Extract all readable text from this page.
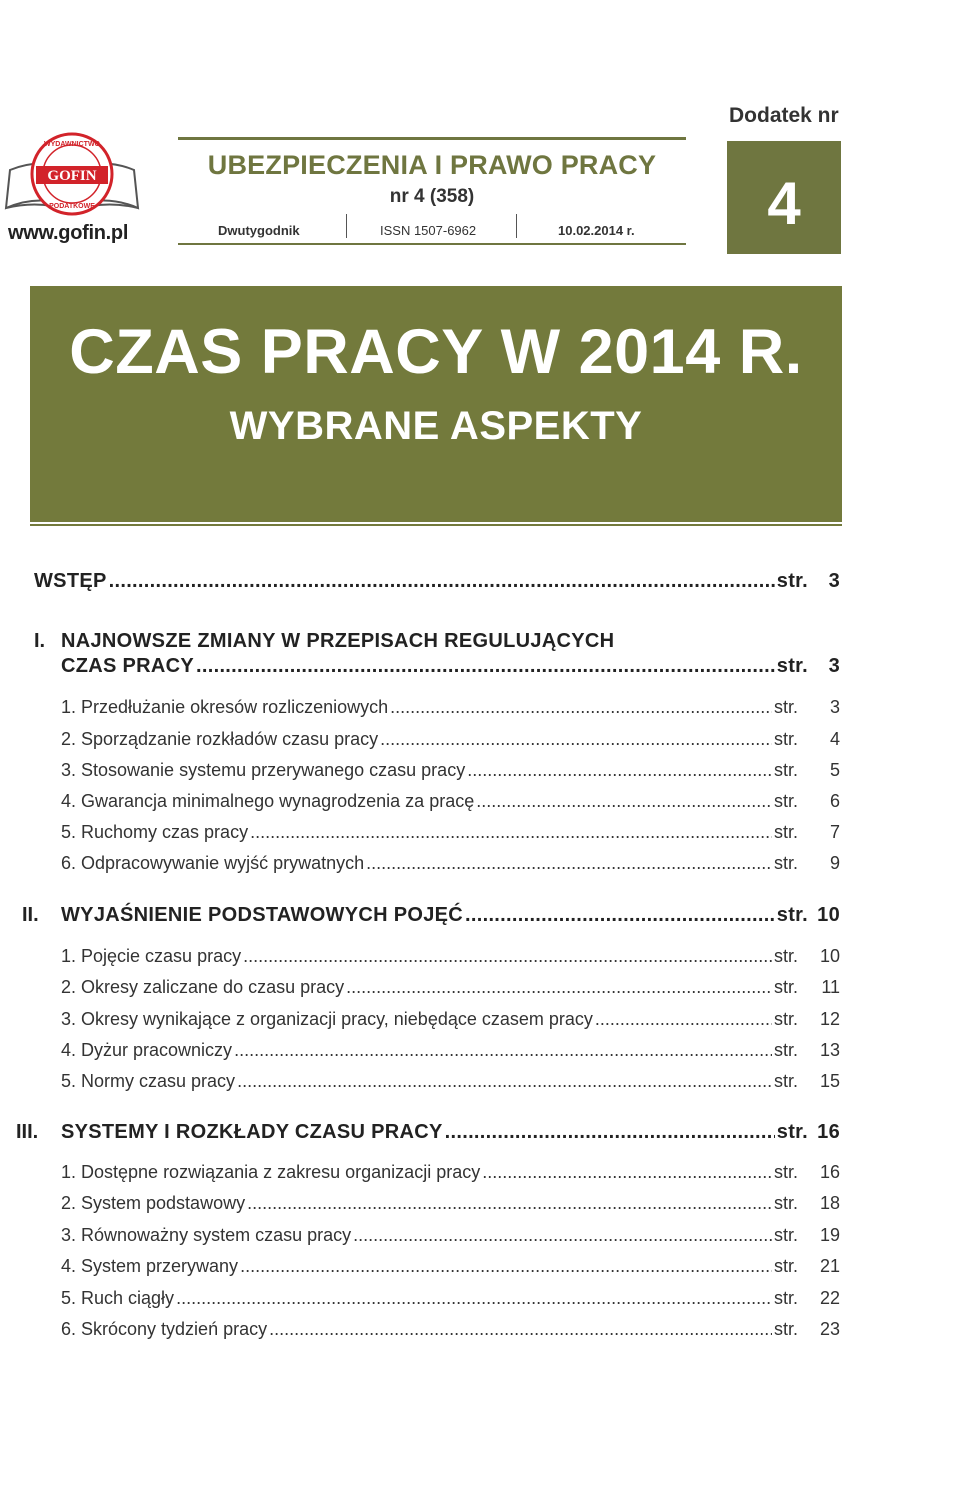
GOFIN
WYDAWNICTWO
PODATKOWE
www.gofin.pl
UBEZPIECZENIA I PRAWO PRACY
nr 4 (358)
Dwutygodnik	ISSN 1507-6962	10.02.2014 r.
Dodatek nr
4
CZAS PRACY W 2014 R.
WYBRANE ASPEKTY
WSTĘP .....	str.	3
I. NAJNOWSZE ZMIANY W PRZEPISACH REGULUJĄCYCH
CZAS PRACY .....	str.	3
1. Przedłużanie okresów rozliczeniowych .....	str.	3
2. Sporządzanie rozkładów czasu pracy .....	str.	4
3. Stosowanie systemu przerywanego czasu pracy .....	str.	5
4. Gwarancja minimalnego wynagrodzenia za pracę .....	str.	6
5. Ruchomy czas pracy .....	str.	7
6. Odpracowywanie wyjść prywatnych .....	str.	9
II. WYJAŚNIENIE PODSTAWOWYCH POJĘĆ .....	str. 10
1. Pojęcie czasu pracy .....	str.	10
2. Okresy zaliczane do czasu pracy .....	str.	11
3. Okresy wynikające z organizacji pracy, niebędące czasem pracy .....	str.	12
4. Dyżur pracowniczy .....	str.	13
5. Normy czasu pracy .....	str.	15
III. SYSTEMY I ROZKŁADY CZASU PRACY .....	str. 16
1. Dostępne rozwiązania z zakresu organizacji pracy .....	str.	16
2. System podstawowy .....	str.	18
3. Równoważny system czasu pracy .....	str.	19
4. System przerywany .....	str.	21
5. Ruch ciągły .....	str.	22
6. Skrócony tydzień pracy .....	str.	23
